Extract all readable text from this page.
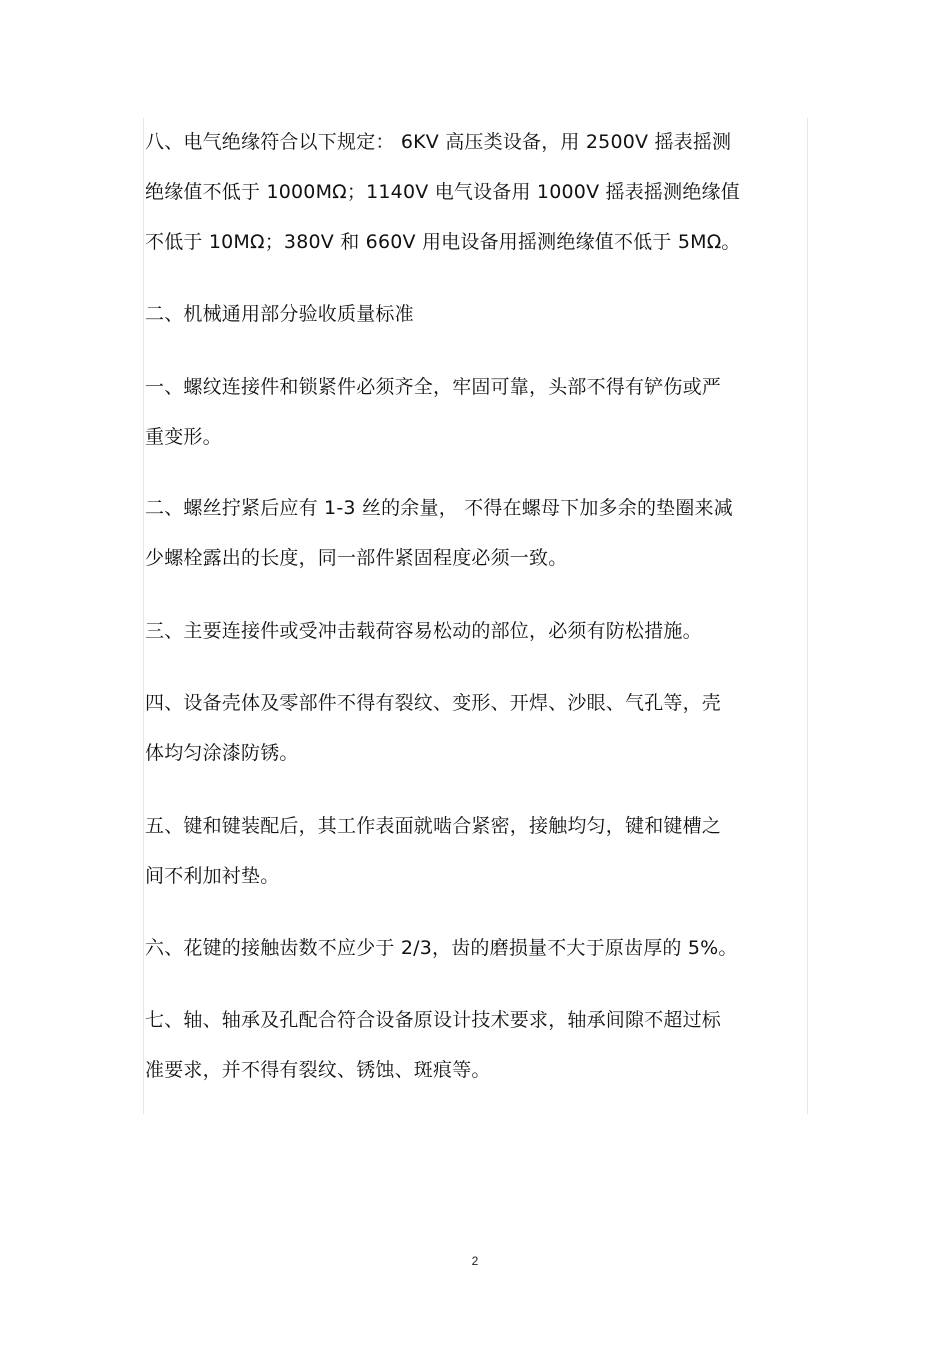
八、电气绝缘符合以下规定： 6KV 高压类设备，用 2500V 摇表摇测
绝缘值不低于 1000MΩ；1140V 电气设备用 1000V 摇表摇测绝缘值
不低于 10MΩ；380V 和 660V 用电设备用摇测绝缘值不低于 5MΩ。
二、机械通用部分验收质量标准
一、螺纹连接件和锁紧件必须齐全，牢固可靠，头部不得有铲伤或严
重变形。
二、螺丝拧紧后应有 1-3 丝的余量， 不得在螺母下加多余的垫圈来减
少螺栓露出的长度，同一部件紧固程度必须一致。
三、主要连接件或受冲击载荷容易松动的部位，必须有防松措施。
四、设备壳体及零部件不得有裂纹、变形、开焊、沙眼、气孔等，壳
体均匀涂漆防锈。
五、键和键装配后，其工作表面就啮合紧密，接触均匀，键和键槽之
间不利加衬垫。
六、花键的接触齿数不应少于 2/3，齿的磨损量不大于原齿厚的 5%。
七、轴、轴承及孔配合符合设备原设计技术要求，轴承间隙不超过标
准要求，并不得有裂纹、锈蚀、斑痕等。
2
